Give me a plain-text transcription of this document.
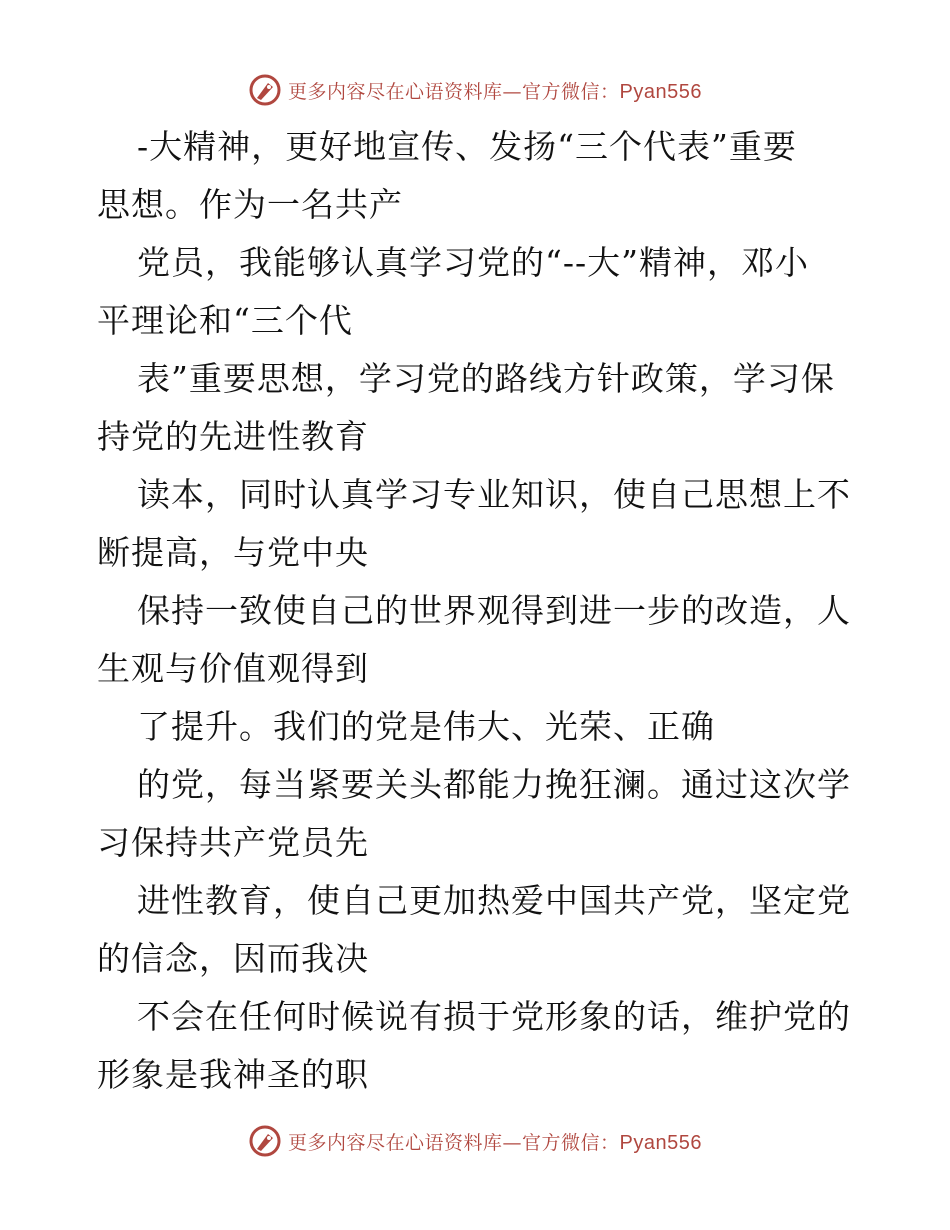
更多内容尽在心语资料库—官方微信：Pyan556
-大精神，更好地宣传、发扬“三个代表”重要
思想。作为一名共产
党员，我能够认真学习党的“--大”精神，邓小
平理论和“三个代
表”重要思想，学习党的路线方针政策，学习保
持党的先进性教育
读本，同时认真学习专业知识，使自己思想上不
断提高，与党中央
保持一致使自己的世界观得到进一步的改造，人
生观与价值观得到
了提升。我们的党是伟大、光荣、正确
的党，每当紧要关头都能力挽狂澜。通过这次学
习保持共产党员先
进性教育，使自己更加热爱中国共产党，坚定党
的信念，因而我决
不会在任何时候说有损于党形象的话，维护党的
形象是我神圣的职
更多内容尽在心语资料库—官方微信：Pyan556
